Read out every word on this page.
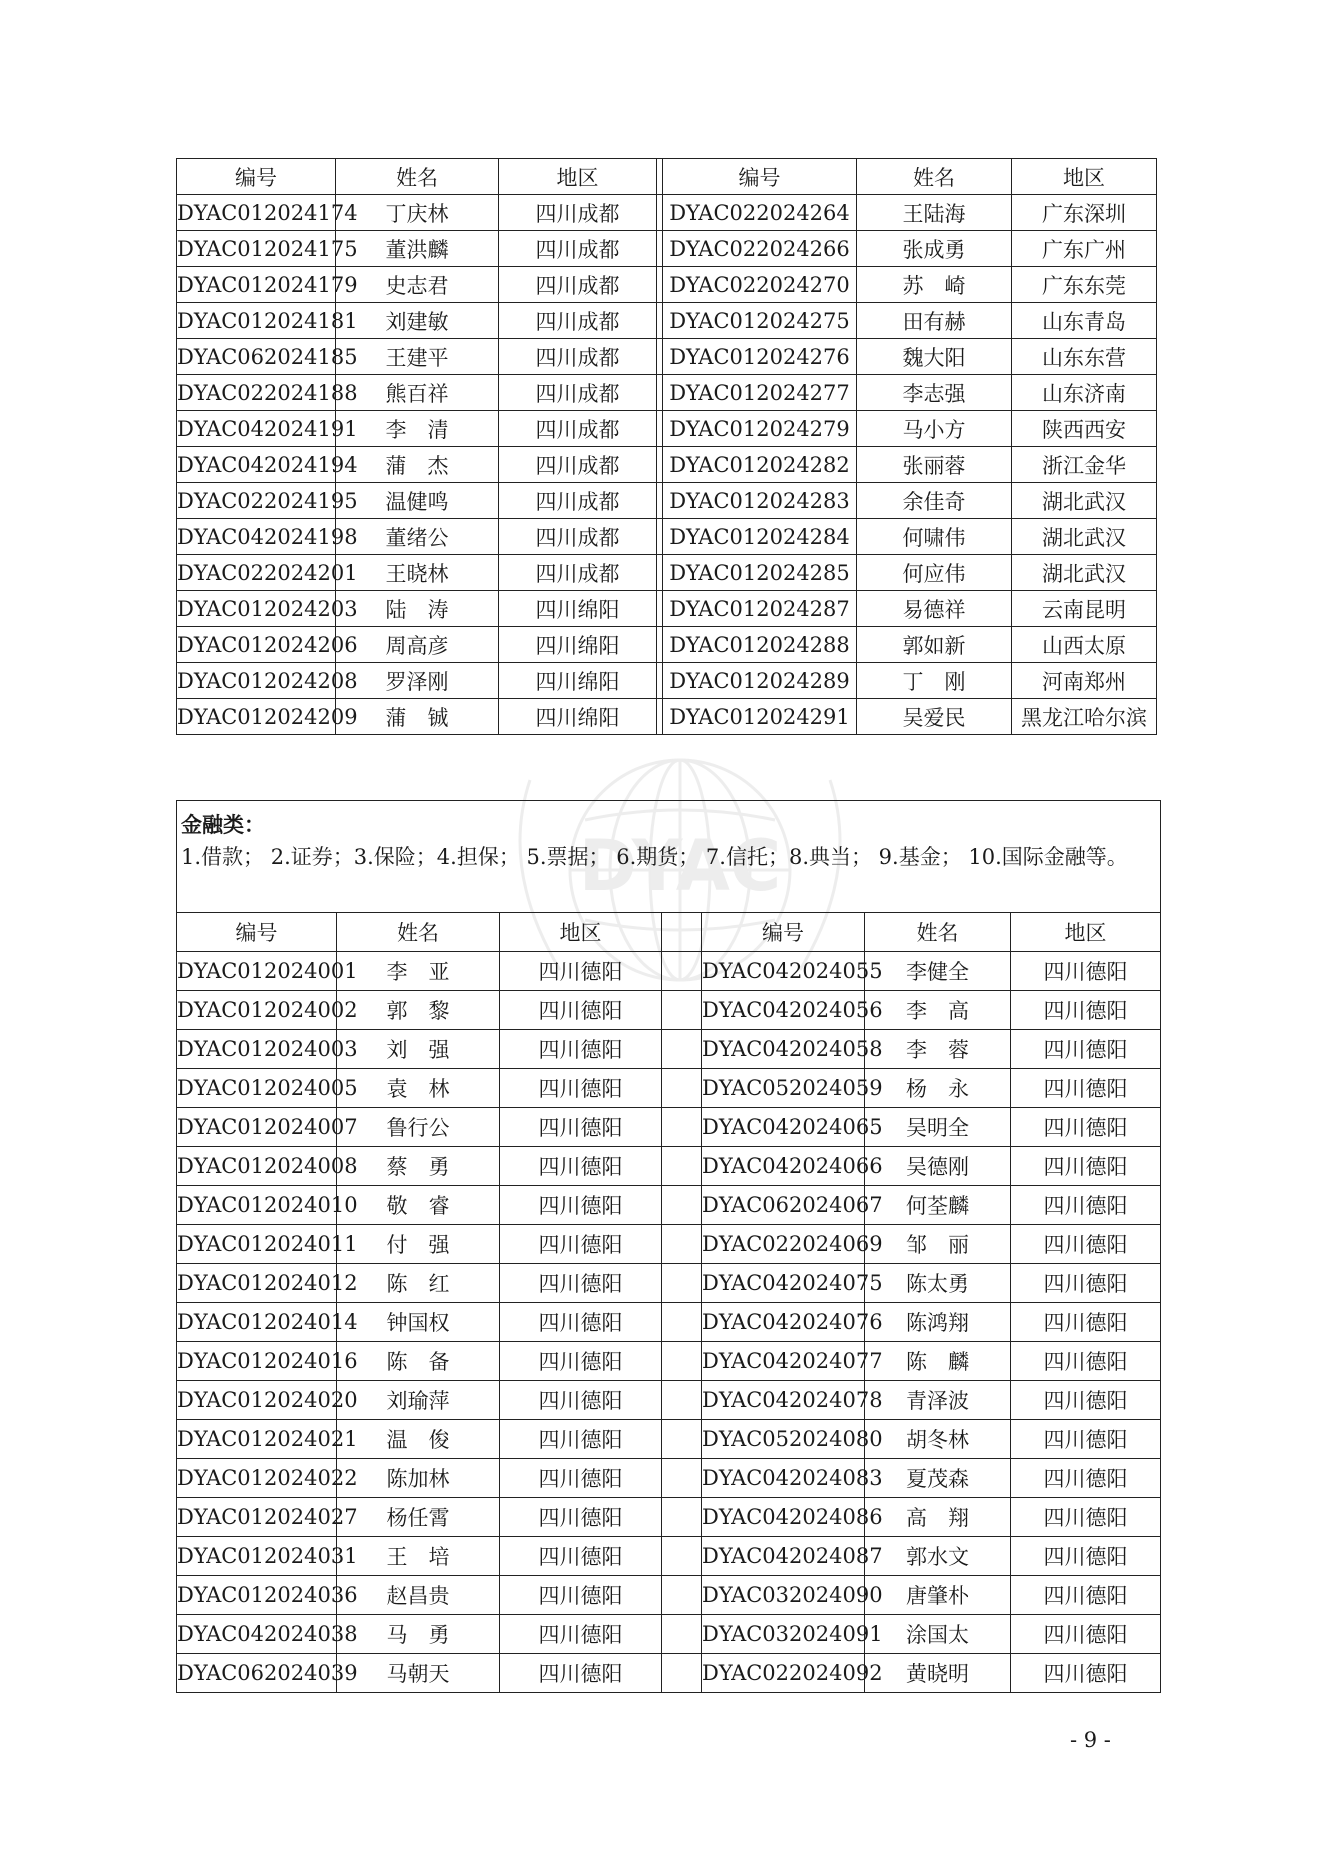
DYAC
编号	姓名	地区		编号	姓名	地区
DYAC012024174	丁庆林	四川成都		DYAC022024264	王陆海	广东深圳
DYAC012024175	董洪麟	四川成都		DYAC022024266	张成勇	广东广州
DYAC012024179	史志君	四川成都		DYAC022024270	苏　崎	广东东莞
DYAC012024181	刘建敏	四川成都		DYAC012024275	田有赫	山东青岛
DYAC062024185	王建平	四川成都		DYAC012024276	魏大阳	山东东营
DYAC022024188	熊百祥	四川成都		DYAC012024277	李志强	山东济南
DYAC042024191	李　清	四川成都		DYAC012024279	马小方	陕西西安
DYAC042024194	蒲　杰	四川成都		DYAC012024282	张丽蓉	浙江金华
DYAC022024195	温健鸣	四川成都		DYAC012024283	余佳奇	湖北武汉
DYAC042024198	董绪公	四川成都		DYAC012024284	何啸伟	湖北武汉
DYAC022024201	王晓林	四川成都		DYAC012024285	何应伟	湖北武汉
DYAC012024203	陆　涛	四川绵阳		DYAC012024287	易德祥	云南昆明
DYAC012024206	周高彦	四川绵阳		DYAC012024288	郭如新	山西太原
DYAC012024208	罗泽刚	四川绵阳		DYAC012024289	丁　刚	河南郑州
DYAC012024209	蒲　铖	四川绵阳		DYAC012024291	吴爱民	黑龙江哈尔滨
金融类：
1.借款； 2.证券；3.保险；4.担保； 5.票据； 6.期货； 7.信托；8.典当； 9.基金； 10.国际金融等。						

编号	姓名	地区		编号	姓名	地区
DYAC012024001	李　亚	四川德阳		DYAC042024055	李健全	四川德阳
DYAC012024002	郭　黎	四川德阳		DYAC042024056	李　高	四川德阳
DYAC012024003	刘　强	四川德阳		DYAC042024058	李　蓉	四川德阳
DYAC012024005	袁　林	四川德阳		DYAC052024059	杨　永	四川德阳
DYAC012024007	鲁行公	四川德阳		DYAC042024065	吴明全	四川德阳
DYAC012024008	蔡　勇	四川德阳		DYAC042024066	吴德刚	四川德阳
DYAC012024010	敬　睿	四川德阳		DYAC062024067	何荃麟	四川德阳
DYAC012024011	付　强	四川德阳		DYAC022024069	邹　丽	四川德阳
DYAC012024012	陈　红	四川德阳		DYAC042024075	陈太勇	四川德阳
DYAC012024014	钟国权	四川德阳		DYAC042024076	陈鸿翔	四川德阳
DYAC012024016	陈　备	四川德阳		DYAC042024077	陈　麟	四川德阳
DYAC012024020	刘瑜萍	四川德阳		DYAC042024078	青泽波	四川德阳
DYAC012024021	温　俊	四川德阳		DYAC052024080	胡冬林	四川德阳
DYAC012024022	陈加林	四川德阳		DYAC042024083	夏茂森	四川德阳
DYAC012024027	杨任霄	四川德阳		DYAC042024086	高　翔	四川德阳
DYAC012024031	王　培	四川德阳		DYAC042024087	郭水文	四川德阳
DYAC012024036	赵昌贵	四川德阳		DYAC032024090	唐肇朴	四川德阳
DYAC042024038	马　勇	四川德阳		DYAC032024091	涂国太	四川德阳
DYAC062024039	马朝天	四川德阳		DYAC022024092	黄晓明	四川德阳
- 9 -
